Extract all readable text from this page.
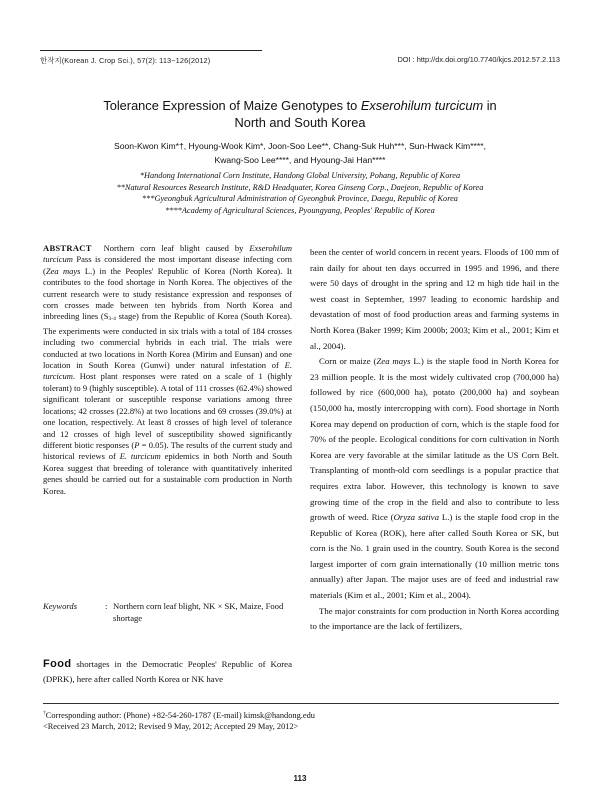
한작지(Korean J. Crop Sci.), 57(2): 113~126(2012)	DOI : http://dx.doi.org/10.7740/kjcs.2012.57.2.113
Tolerance Expression of Maize Genotypes to Exserohilum turcicum in
North and South Korea
Soon-Kwon Kim*†, Hyoung-Wook Kim*, Joon-Soo Lee**, Chang-Suk Huh***, Sun-Hwack Kim****,
Kwang-Soo Lee****, and Hyoung-Jai Han****
*Handong International Corn Institute, Handong Global University, Pohang, Republic of Korea
**Natural Resources Research Institute, R&D Headquater, Korea Ginseng Corp., Daejeon, Republic of Korea
***Gyeongbuk Agricultural Administration of Gyeongbuk Province, Daegu, Republic of Korea
****Academy of Agricultural Sciences, Pyoungyang, Peoples' Republic of Korea

ABSTRACT Northern corn leaf blight caused by Exserohilum turcicum Pass is considered the most important disease infecting corn (Zea mays L.) in the Peoples' Republic of Korea (North Korea). It contributes to the food shortage in North Korea. The objectives of the current research were to study resistance expression and responses of corn crosses made between ten hybrids from North Korea and inbreeding lines (S3-4 stage) from the Republic of Korea (South Korea). The experiments were conducted in six trials with a total of 184 crosses including two commercial hybrids in each trial. The trials were conducted at two locations in North Korea (Mirim and Eunsan) and one location in South Korea (Gunwi) under natural infestation of E. turcicum. Host plant responses were rated on a scale of 1 (highly tolerant) to 9 (highly susceptible). A total of 111 crosses (62.4%) showed significant tolerant or susceptible response variations among three locations; 42 crosses (22.8%) at two locations and 69 crosses (39.0%) at one location, respectively. At least 8 crosses of high level of tolerance and 12 crosses of high level of susceptibility showed significantly different biotic responses (P = 0.05). The results of the current study and historical reviews of E. turcicum epidemics in both North and South Korea suggest that breeding of tolerance with quantitatively inherited genes should be carried out for a sustainable corn production in North Korea.

Keywords	: Northern corn leaf blight, NK × SK, Maize, Food shortage
Food shortages in the Democratic Peoples' Republic of Korea (DPRK), here after called North Korea or NK have

been the center of world concern in recent years. Floods of 100 mm of rain daily for about ten days occurred in 1995 and 1996, and there were 50 days of drought in the spring and 12 m high tide hail in the west coast in September, 1997 leading to economic hardship and devastation of most of food production areas and farming systems in North Korea (Baker 1999; Kim 2000b; 2003; Kim et al., 2001; Kim et al., 2004).

Corn or maize (Zea mays L.) is the staple food in North Korea for 23 million people. It is the most widely cultivated crop (700,000 ha) followed by rice (600,000 ha), potato (200,000 ha) and soybean (150,000 ha, mostly intercropping with corn). Food shortage in North Korea may depend on production of corn, which is the staple food for 70% of the people. Ecological conditions for corn cultivation in North Korea are very favorable at the similar latitude as the US Corn Belt. Transplanting of month-old corn seedlings is a popular practice that requires extra labor. However, this technology is known to save growing time of the crop in the field and also to contribute to less growth of weed. Rice (Oryza sativa L.) is the staple food crop in the Republic of Korea (ROK), here after called South Korea or SK, but corn is the No. 1 grain used in the country. South Korea is the second largest importer of corn grain internationally (10 million metric tons annually) after Japan. The major uses are of feed and industrial raw materials (Kim et al., 2001; Kim et al., 2004).

The major constraints for corn production in North Korea according to the importance are the lack of fertilizers,

†Corresponding author: (Phone) +82-54-260-1787 (E-mail) kimsk@handong.edu
<Received 23 March, 2012; Revised 9 May, 2012; Accepted 29 May, 2012>
113
